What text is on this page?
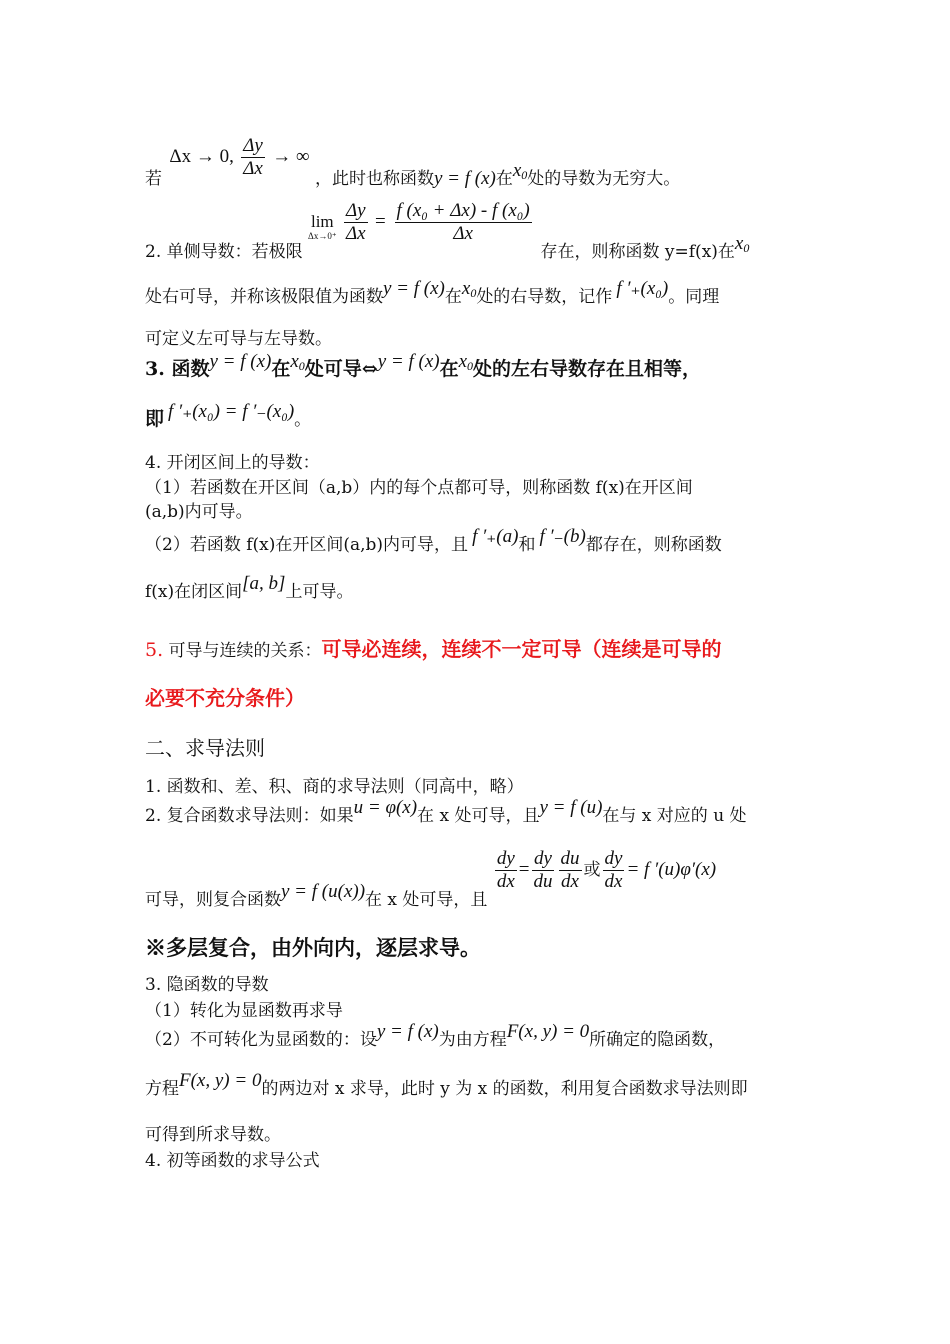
若 Δx → 0, $\frac{\Delta y}{\Delta x}$ → ∞ ，此时也称函数y = f (x)在x0处的导数为无穷大。
2. 单侧导数：若极限
lim
Δx→0⁺
$\frac{\Delta y}{\Delta x} = \frac{\text{f (x₀ + Δx) - f (x₀)}}{\Delta x}$
存在，则称函数 y=f(x)在x0
处右可导，并称该极限值为函数y = f (x)在x0处的右导数，记作 f ′₊(x₀)。同理
可定义左可导与左导数。
3. 函数y = f (x)在x0处可导⇔y = f (x)在x0处的左右导数存在且相等，
即 f ′₊(x₀) = f ′₋(x₀)。
4. 开闭区间上的导数：
（1）若函数在开区间（a,b）内的每个点都可导，则称函数 f(x)在开区间
(a,b)内可导。
（2）若函数 f(x)在开区间(a,b)内可导，且 f ′₊(a)和 f ′₋(b)都存在，则称函数
f(x)在闭区间[a, b]上可导。
5. 可导与连续的关系：可导必连续，连续不一定可导（连续是可导的
必要不充分条件）
二、求导法则
1. 函数和、差、积、商的求导法则（同高中，略）
2. 复合函数求导法则：如果u = φ(x)在 x 处可导，且y = f (u)在与 x 对应的 u 处
可导，则复合函数y = f (u(x))在 x 处可导，且
$\frac{dy}{dx} = \frac{dy}{du} \frac{du}{dx}$ 或 $\frac{dy}{dx} = f$ ′(u)φ′(x)
※多层复合，由外向内，逐层求导。
3. 隐函数的导数
（1）转化为显函数再求导
（2）不可转化为显函数的：设y = f (x)为由方程F(x, y) = 0所确定的隐函数，
方程F(x, y) = 0的两边对 x 求导，此时 y 为 x 的函数，利用复合函数求导法则即
可得到所求导数。
4. 初等函数的求导公式
